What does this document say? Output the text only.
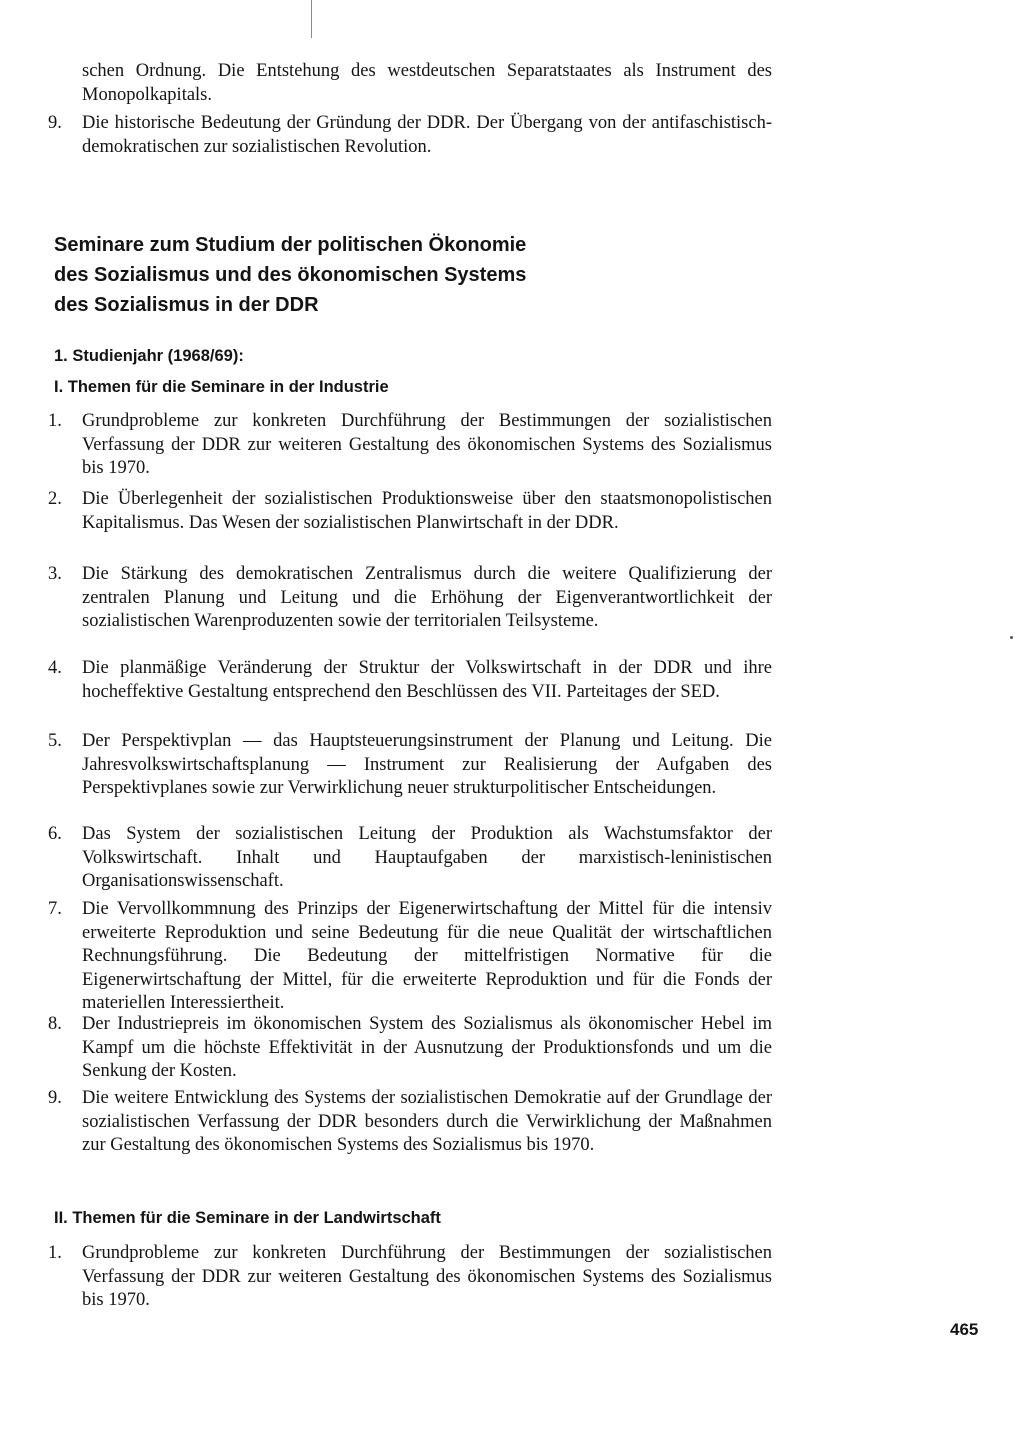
schen Ordnung. Die Entstehung des westdeutschen Separatstaates als Instrument des Monopolkapitals.
9.	Die historische Bedeutung der Gründung der DDR. Der Übergang von der antifaschistisch-demokratischen zur sozialistischen Revolution.
Seminare zum Studium der politischen Ökonomie
des Sozialismus und des ökonomischen Systems
des Sozialismus in der DDR
1. Studienjahr (1968/69):
I. Themen für die Seminare in der Industrie
1.	Grundprobleme zur konkreten Durchführung der Bestimmungen der sozialistischen Verfassung der DDR zur weiteren Gestaltung des ökonomischen Systems des Sozialismus bis 1970.
2.	Die Überlegenheit der sozialistischen Produktionsweise über den staatsmonopolistischen Kapitalismus. Das Wesen der sozialistischen Planwirtschaft in der DDR.
3.	Die Stärkung des demokratischen Zentralismus durch die weitere Qualifizierung der zentralen Planung und Leitung und die Erhöhung der Eigenverantwortlichkeit der sozialistischen Warenproduzenten sowie der territorialen Teilsysteme.
4.	Die planmäßige Veränderung der Struktur der Volkswirtschaft in der DDR und ihre hocheffektive Gestaltung entsprechend den Beschlüssen des VII. Parteitages der SED.
5.	Der Perspektivplan — das Hauptsteuerungsinstrument der Planung und Leitung. Die Jahresvolkswirtschaftsplanung — Instrument zur Realisierung der Aufgaben des Perspektivplanes sowie zur Verwirklichung neuer strukturpolitischer Entscheidungen.
6.	Das System der sozialistischen Leitung der Produktion als Wachstumsfaktor der Volkswirtschaft. Inhalt und Hauptaufgaben der marxistisch-leninistischen Organisationswissenschaft.
7.	Die Vervollkommnung des Prinzips der Eigenerwirtschaftung der Mittel für die intensiv erweiterte Reproduktion und seine Bedeutung für die neue Qualität der wirtschaftlichen Rechnungsführung. Die Bedeutung der mittelfristigen Normative für die Eigenerwirtschaftung der Mittel, für die erweiterte Reproduktion und für die Fonds der materiellen Interessiertheit.
8.	Der Industriepreis im ökonomischen System des Sozialismus als ökonomischer Hebel im Kampf um die höchste Effektivität in der Ausnutzung der Produktionsfonds und um die Senkung der Kosten.
9.	Die weitere Entwicklung des Systems der sozialistischen Demokratie auf der Grundlage der sozialistischen Verfassung der DDR besonders durch die Verwirklichung der Maßnahmen zur Gestaltung des ökonomischen Systems des Sozialismus bis 1970.
II. Themen für die Seminare in der Landwirtschaft
1.	Grundprobleme zur konkreten Durchführung der Bestimmungen der sozialistischen Verfassung der DDR zur weiteren Gestaltung des ökonomischen Systems des Sozialismus bis 1970.
465
